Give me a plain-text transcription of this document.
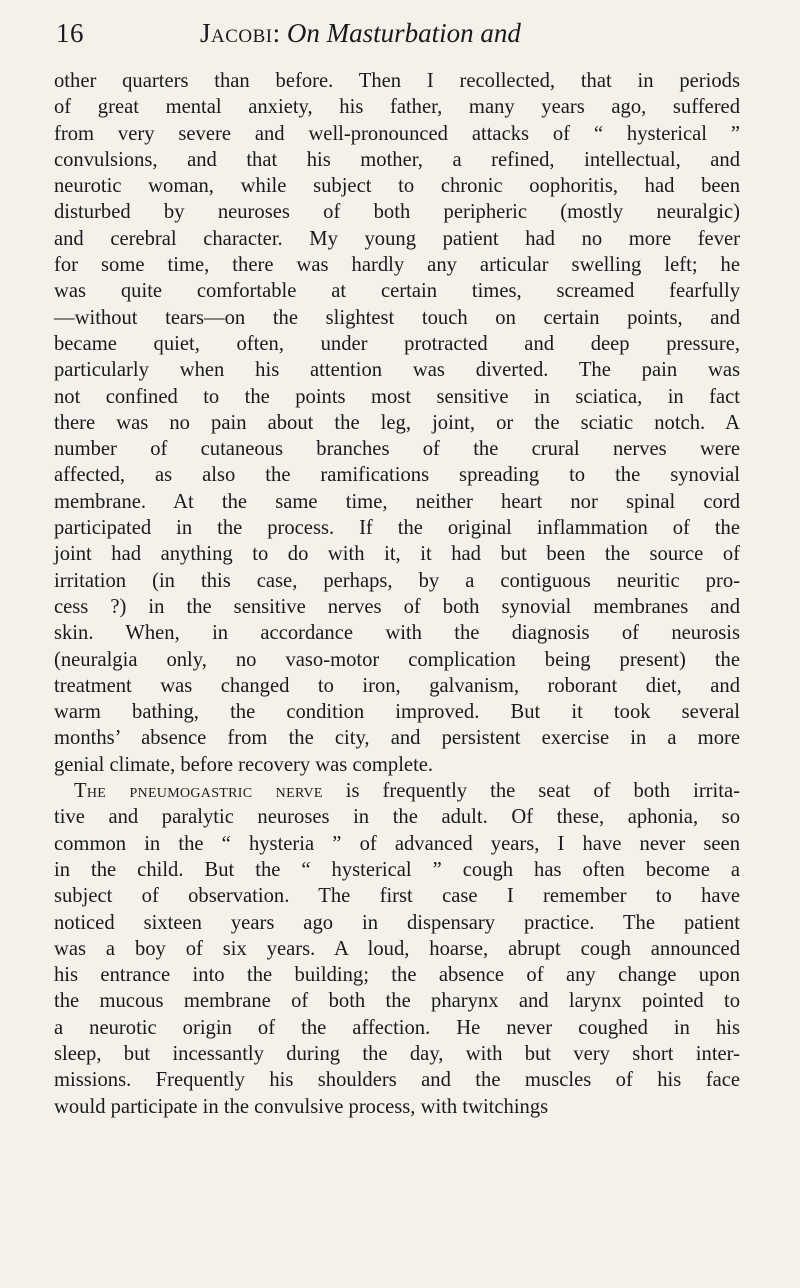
16	Jacobi: On Masturbation and
other quarters than before. Then I recollected, that in periods
of great mental anxiety, his father, many years ago, suffered
from very severe and well-pronounced attacks of “ hysterical ”
convulsions, and that his mother, a refined, intellectual, and
neurotic woman, while subject to chronic oophoritis, had been
disturbed by neuroses of both peripheric (mostly neuralgic)
and cerebral character. My young patient had no more fever
for some time, there was hardly any articular swelling left; he
was quite comfortable at certain times, screamed fearfully
—without tears—on the slightest touch on certain points, and
became quiet, often, under protracted and deep pressure,
particularly when his attention was diverted. The pain was
not confined to the points most sensitive in sciatica, in fact
there was no pain about the leg, joint, or the sciatic notch. A
number of cutaneous branches of the crural nerves were
affected, as also the ramifications spreading to the synovial
membrane. At the same time, neither heart nor spinal cord
participated in the process. If the original inflammation of the
joint had anything to do with it, it had but been the source of
irritation (in this case, perhaps, by a contiguous neuritic pro-
cess ?) in the sensitive nerves of both synovial membranes and
skin. When, in accordance with the diagnosis of neurosis
(neuralgia only, no vaso-motor complication being present) the
treatment was changed to iron, galvanism, roborant diet, and
warm bathing, the condition improved. But it took several
months’ absence from the city, and persistent exercise in a more
genial climate, before recovery was complete.
The pneumogastric nerve is frequently the seat of both irrita-
tive and paralytic neuroses in the adult. Of these, aphonia, so
common in the “ hysteria ” of advanced years, I have never seen
in the child. But the “ hysterical ” cough has often become a
subject of observation. The first case I remember to have
noticed sixteen years ago in dispensary practice. The patient
was a boy of six years. A loud, hoarse, abrupt cough announced
his entrance into the building; the absence of any change upon
the mucous membrane of both the pharynx and larynx pointed to
a neurotic origin of the affection. He never coughed in his
sleep, but incessantly during the day, with but very short inter-
missions. Frequently his shoulders and the muscles of his face
would participate in the convulsive process, with twitchings
